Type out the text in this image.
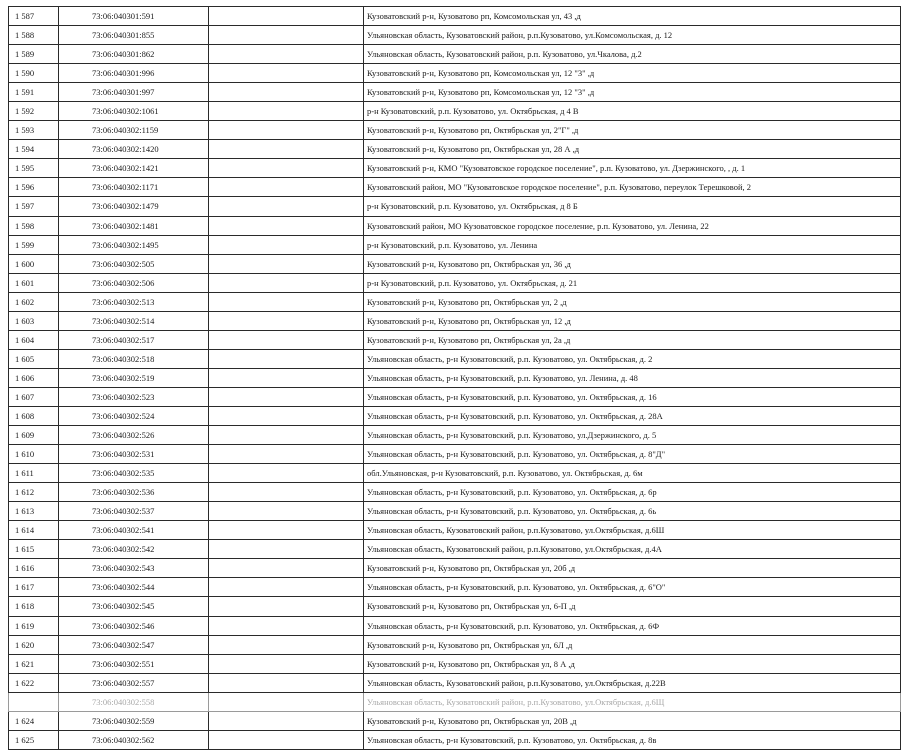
1 587	73:06:040301:591		Кузоватовский р-н, Кузоватово рп, Комсомольская ул, 43 ,д
1 588	73:06:040301:855		Ульяновская область, Кузоватовский район, р.п.Кузоватово, ул.Комсомольская, д. 12
1 589	73:06:040301:862		Ульяновская область, Кузоватовский район, р.п. Кузоватово, ул.Чкалова, д.2
1 590	73:06:040301:996		Кузоватовский р-н, Кузоватово рп, Комсомольская ул, 12 "3" ,д
1 591	73:06:040301:997		Кузоватовский р-н, Кузоватово рп, Комсомольская ул, 12 "3" ,д
1 592	73:06:040302:1061		р-н Кузоватовский, р.п. Кузоватово, ул. Октябрьская, д 4 В
1 593	73:06:040302:1159		Кузоватовский р-н, Кузоватово рп, Октябрьская ул, 2"Г" ,д
1 594	73:06:040302:1420		Кузоватовский р-н, Кузоватово рп, Октябрьская ул, 28 А ,д
1 595	73:06:040302:1421		Кузоватовский р-н, КМО "Кузоватовское городское поселение", р.п. Кузоватово, ул. Дзержинского, , д. 1
1 596	73:06:040302:1171		Кузоватовский район, МО "Кузоватовское городское поселение", р.п. Кузоватово, переулок Терешковой, 2
1 597	73:06:040302:1479		р-н Кузоватовский, р.п. Кузоватово, ул. Октябрьская, д 8 Б
1 598	73:06:040302:1481		Кузоватовский район, МО Кузоватовское городское поселение, р.п. Кузоватово, ул. Ленина, 22
1 599	73:06:040302:1495		р-н Кузоватовский, р.п. Кузоватово, ул. Ленина
1 600	73:06:040302:505		Кузоватовский р-н, Кузоватово рп, Октябрьская ул, 36 ,д
1 601	73:06:040302:506		р-н Кузоватовский, р.п. Кузоватово, ул. Октябрьская, д. 21
1 602	73:06:040302:513		Кузоватовский р-н, Кузоватово рп, Октябрьская ул, 2 ,д
1 603	73:06:040302:514		Кузоватовский р-н, Кузоватово рп, Октябрьская ул, 12 ,д
1 604	73:06:040302:517		Кузоватовский р-н, Кузоватово рп, Октябрьская ул, 2а ,д
1 605	73:06:040302:518		Ульяновская область, р-н Кузоватовский, р.п. Кузоватово, ул. Октябрьская, д. 2
1 606	73:06:040302:519		Ульяновская область, р-н Кузоватовский, р.п. Кузоватово, ул. Ленина, д. 48
1 607	73:06:040302:523		Ульяновская область, р-н Кузоватовский, р.п. Кузоватово, ул. Октябрьская, д. 16
1 608	73:06:040302:524		Ульяновская область, р-н Кузоватовский, р.п. Кузоватово, ул. Октябрьская, д. 28А
1 609	73:06:040302:526		Ульяновская область, р-н Кузоватовский, р.п. Кузоватово, ул.Дзержинского, д. 5
1 610	73:06:040302:531		Ульяновская область, р-н Кузоватовский, р.п. Кузоватово, ул. Октябрьская, д. 8"Д"
1 611	73:06:040302:535		обл.Ульяновская, р-н Кузоватовский, р.п. Кузоватово, ул. Октябрьская, д. 6м
1 612	73:06:040302:536		Ульяновская область, р-н Кузоватовский, р.п. Кузоватово, ул. Октябрьская, д. 6р
1 613	73:06:040302:537		Ульяновская область, р-н Кузоватовский, р.п. Кузоватово, ул. Октябрьская, д. 6ь
1 614	73:06:040302:541		Ульяновская область, Кузоватовский район, р.п.Кузоватово, ул.Октябрьская, д.6Ш
1 615	73:06:040302:542		Ульяновская область, Кузоватовский район, р.п.Кузоватово, ул.Октябрьская, д.4А
1 616	73:06:040302:543		Кузоватовский р-н, Кузоватово рп, Октябрьская ул, 20б ,д
1 617	73:06:040302:544		Ульяновская область, р-н Кузоватовский, р.п. Кузоватово, ул. Октябрьская, д. 6"О"
1 618	73:06:040302:545		Кузоватовский р-н, Кузоватово рп, Октябрьская ул, 6-П ,д
1 619	73:06:040302:546		Ульяновская область, р-н Кузоватовский, р.п. Кузоватово, ул. Октябрьская, д. 6Ф
1 620	73:06:040302:547		Кузоватовский р-н, Кузоватово рп, Октябрьская ул, 6Л ,д
1 621	73:06:040302:551		Кузоватовский р-н, Кузоватово рп, Октябрьская ул, 8 А ,д
1 622	73:06:040302:557		Ульяновская область, Кузоватовский район, р.п.Кузоватово, ул.Октябрьская, д.22В
	73:06:040302:558		Ульяновская область, Кузоватовский район, р.п.Кузоватово, ул.Октябрьская, д.6Щ
1 624	73:06:040302:559		Кузоватовский р-н, Кузоватово рп, Октябрьская ул, 20В ,д
1 625	73:06:040302:562		Ульяновская область, р-н Кузоватовский, р.п. Кузоватово, ул. Октябрьская, д. 8в
